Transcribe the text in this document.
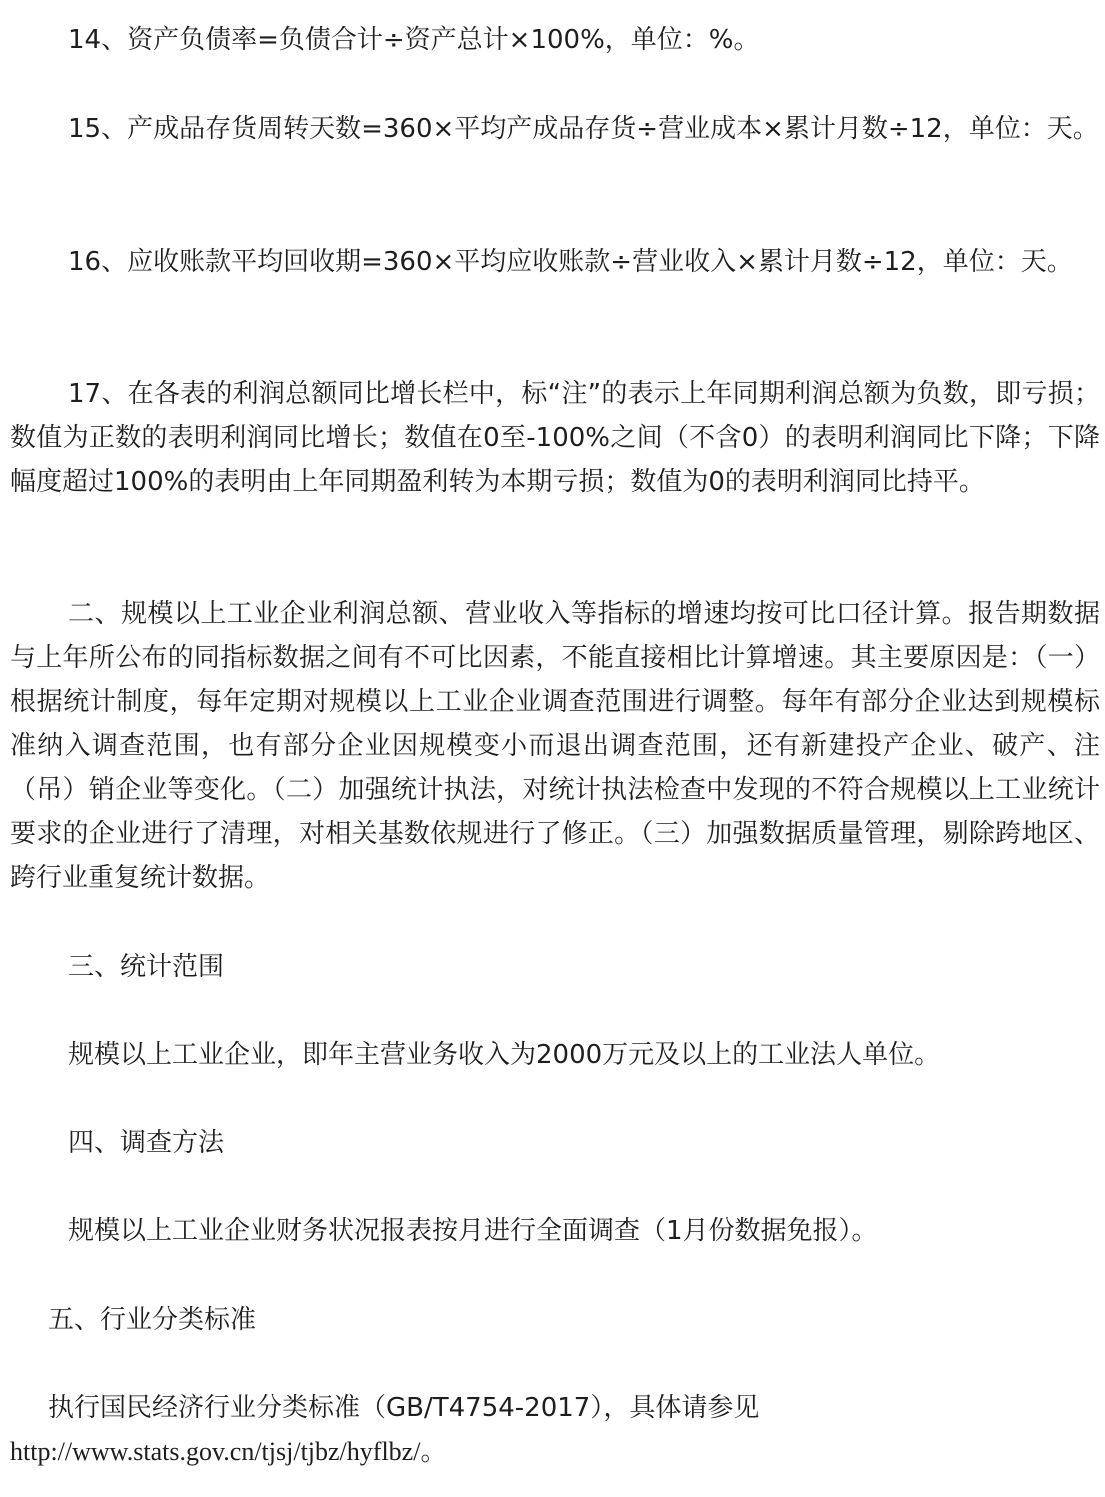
14、资产负债率=负债合计÷资产总计×100%，单位：%。

15、产成品存货周转天数=360×平均产成品存货÷营业成本×累计月数÷12，单位：天。

16、应收账款平均回收期=360×平均应收账款÷营业收入×累计月数÷12，单位：天。

17、在各表的利润总额同比增长栏中，标“注”的表示上年同期利润总额为负数，即亏损；数值为正数的表明利润同比增长；数值在0至-100%之间（不含0）的表明利润同比下降；下降幅度超过100%的表明由上年同期盈利转为本期亏损；数值为0的表明利润同比持平。

二、规模以上工业企业利润总额、营业收入等指标的增速均按可比口径计算。报告期数据与上年所公布的同指标数据之间有不可比因素，不能直接相比计算增速。其主要原因是：（一）根据统计制度，每年定期对规模以上工业企业调查范围进行调整。每年有部分企业达到规模标准纳入调查范围，也有部分企业因规模变小而退出调查范围，还有新建投产企业、破产、注（吊）销企业等变化。（二）加强统计执法，对统计执法检查中发现的不符合规模以上工业统计要求的企业进行了清理，对相关基数依规进行了修正。（三）加强数据质量管理，剔除跨地区、跨行业重复统计数据。

三、统计范围

规模以上工业企业，即年主营业务收入为2000万元及以上的工业法人单位。

四、调查方法

规模以上工业企业财务状况报表按月进行全面调查（1月份数据免报）。

五、行业分类标准

执行国民经济行业分类标准（GB/T4754-2017），具体请参见

http://www.stats.gov.cn/tjsj/tjbz/hyflbz/。
